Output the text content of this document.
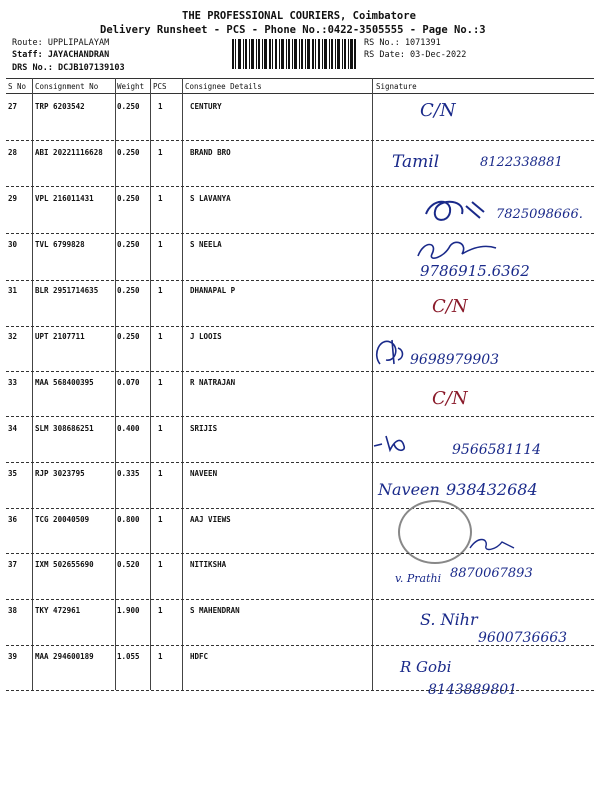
THE PROFESSIONAL COURIERS, Coimbatore
Delivery Runsheet - PCS - Phone No.:0422-3505555 - Page No.:3
Route: UPPLIPALAYAM
Staff: JAYACHANDRAN
DRS No.: DCJB107139103
RS No.: 1071391
RS Date: 03-Dec-2022
S No Consignment No	Weight PCS Consignee Details	Signature
27 TRP 6203542	0.250 1	CENTURY	C/N
28 ABI 20221116628 0.250 1	BRAND BRO	Tamil	8122338881
29 VPL 216011431	0.250 1	S LAVANYA
7825098666.
30 TVL 6799828	0.250 1	S NEELA
9786915.6362
31 BLR 2951714635	0.250 1	DHANAPAL P
C/N
32 UPT 2107711	0.250 1	J LOOIS
9698979903
33 MAA 568400395	0.070 1	R NATRAJAN
C/N
34 SLM 308686251	0.400 1	SRIJIS
9566581114
35 RJP 3023795	0.335 1	NAVEEN
Naveen 938432684
36 TCG 20040509	0.800 1	AAJ VIEWS
37 IXM 502655690	0.520 1	NITIKSHA
v. Prathi 8870067893
38 TKY 472961	1.900 1	S MAHENDRAN	S. Nihr
9600736663
39 MAA 294600189	1.055 1	HDFC
R Gobi
8143889801
